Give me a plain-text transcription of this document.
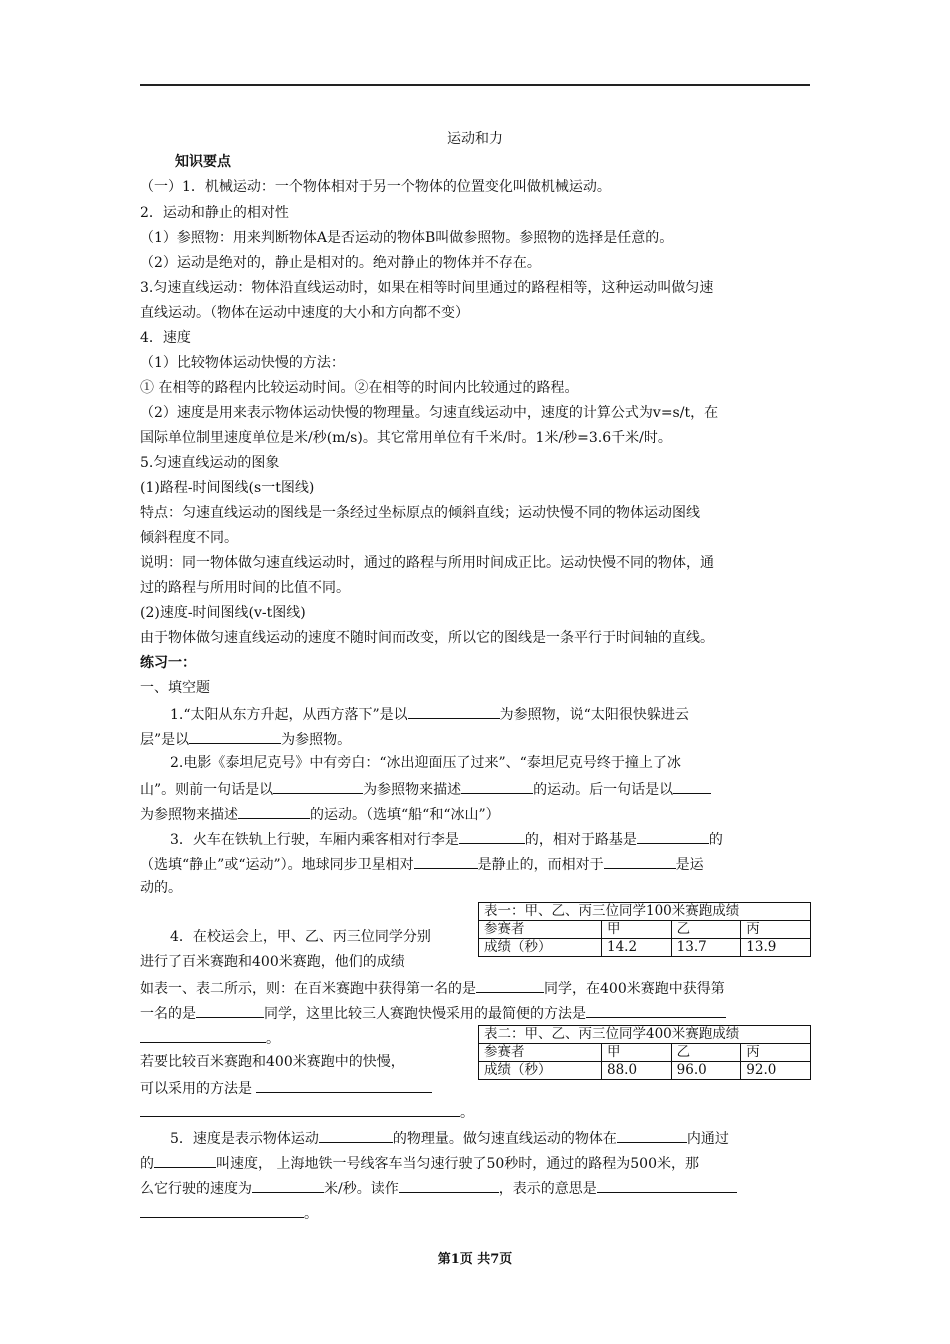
运动和力
知识要点
（一）1．机械运动：一个物体相对于另一个物体的位置变化叫做机械运动。
2．运动和静止的相对性
（1）参照物：用来判断物体A是否运动的物体B叫做参照物。参照物的选择是任意的。
（2）运动是绝对的，静止是相对的。绝对静止的物体并不存在。
3.匀速直线运动：物体沿直线运动时，如果在相等时间里通过的路程相等，这种运动叫做匀速
直线运动。（物体在运动中速度的大小和方向都不变）
4．速度
（1）比较物体运动快慢的方法：
① 在相等的路程内比较运动时间。②在相等的时间内比较通过的路程。
（2）速度是用来表示物体运动快慢的物理量。匀速直线运动中，速度的计算公式为v=s/t，在
国际单位制里速度单位是米/秒(m/s)。其它常用单位有千米/时。1米/秒=3.6千米/时。
5.匀速直线运动的图象
(1)路程-时间图线(s一t图线)
特点：匀速直线运动的图线是一条经过坐标原点的倾斜直线；运动快慢不同的物体运动图线
倾斜程度不同。
说明：同一物体做匀速直线运动时，通过的路程与所用时间成正比。运动快慢不同的物体，通
过的路程与所用时间的比值不同。
(2)速度-时间图线(v-t图线)
由于物体做匀速直线运动的速度不随时间而改变，所以它的图线是一条平行于时间轴的直线。
练习一：
一、填空题
1.“太阳从东方升起，从西方落下”是以	为参照物，说“太阳很快躲进云
层”是以	为参照物。
2.电影《泰坦尼克号》中有旁白：“冰出迎面压了过来”、“泰坦尼克号终于撞上了冰
山”。则前一句话是以	为参照物来描述	的运动。后一句话是以
为参照物来描述	的运动。（选填“船“和“冰山”）
3．火车在铁轨上行驶，车厢内乘客相对行李是	的，相对于路基是	的
（选填“静止”或“运动”）。地球同步卫星相对	是静止的，而相对于	是运
动的。
表一：甲、乙、丙三位同学100米赛跑成绩			
参赛者	甲	乙	丙
成绩（秒）	14.2	13.7	13.9
4．在校运会上，甲、乙、丙三位同学分别
进行了百米赛跑和400米赛跑，他们的成绩
如表一、表二所示，则：在百米赛跑中获得第一名的是	同学，在400米赛跑中获得第
一名的是	同学，这里比较三人赛跑快慢采用的最简便的方法是
。	表二：甲、乙、丙三位同学400米赛跑成绩			
参赛者	甲	乙	丙
成绩（秒）	88.0	96.0	92.0
若要比较百米赛跑和400米赛跑中的快慢，
可以采用的方法是
。
5．速度是表示物体运动	的物理量。做匀速直线运动的物体在	内通过
的	叫速度， 上海地铁一号线客车当匀速行驶了50秒时，通过的路程为500米，那
么它行驶的速度为	米/秒。读作	，表示的意思是
。
第1页 共7页
